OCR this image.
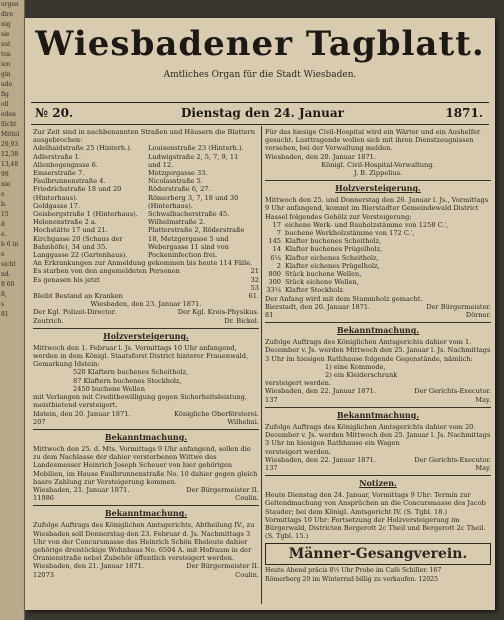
orgen
dire
nig
sie
ust
ton
ien
gin
ude
fig
oll
eden
llicht
Mittel
29,93
12,38
13,48
99
nie
e
b.
15
d
e.
b 6 in
e
sicht
nd.
8 60
8,
s
81
Wiesbadener Tagblatt.
Amtliches Organ für die Stadt Wiesbaden.
№ 20.	Dienstag den 24. Januar	1871.

Zur Zeit sind in nachbenannten Straßen und Häusern die Blattern ausgebrochen:

Adelhaidstraße 25 (Hinterh.).	Louisenstraße 23 (Hinterh.).
Adlerstraße 1.	Ludwigstraße 2, 5, 7, 9, 11
Allenbogengasse 6.	und 12.
Emserstraße 7.	Metzgergasse 33.
Faulbrunnenstraße 4.	Nicolasstraße 5.
Friedrichstraße 18 und 20	Röderstraße 6, 27.
(Hinterhaus).	Römerberg 3, 7, 18 und 30
Goldgasse 17.	(Hinterhaus).
Geisbergstraße 1 (Hinterhaus).	Schwalbacherstraße 45.
Helenenstraße 2 a.	Wilhelmstraße 2.
Hochstätte 17 und 21.	Platterstraße 2, Röderstraße
Kirchgasse 20 (Schaus der	18, Metzgergasse 5 und
Bahnhöfe), 34 und 35.	Webergasse 11 sind von
Langgasse 22 (Gartenhaus).	Pockeninfection frei.

An Erkrankungen zur Anmeldung gekommen bis heute 114 Fälle.

Es starben von den angemeldeten Personen	21
Es genasen bis jetzt	32
53
Bleibt Bestand an Kranken	61.

Wiesbaden, den 23. Januar 1871.

Der Kgl. Polizei-Director.	Der Kgl. Kreis-Physikus.
Zeutrich.	Dr. Bickel.
Holzversteigerung.

Mittwoch den 1. Februar l. Js. Vormittags 10 Uhr anfangend, werden in dem Königl. Staatsforst District hinterer Frauenwald, Gemarkung Idstein:

520 Klaftern buchenes Scheitholz,
87 Klaftern buchenes Stockholz,
2450 buchene Wellen

mit Verlangen mit Creditbewilligung gegen Sicherheitsleistung, meistbietend versteigert.

Idstein, den 20. Januar 1871.	Königliche Oberförsterei.
207	Wilhelmi.
Bekanntmachung.

Mittwoch den 25. d. Mts. Vormittags 9 Uhr anfangend, sollen die zu dem Nachlasse der dahier verstorbenen Wittwe des Landesmesser Heinrich Joseph Scheuer von hier gehörigen Mobilien, im Hause Faulbrunnenstraße No. 10 dahier gegen gleich baare Zahlung zur Versteigerung kommen.

Wiesbaden, 21. Januar 1871.	Der Bürgermeister II.
11986	Coulin.
Bekanntmachung.

Zufolge Auftrags des Königlichen Amtsgerichts, Abtheilung IV., zu Wiesbaden soll Donnerstag den 23. Februar d. Js. Nachmittags 3 Uhr von der Concursmasse des Heinrich Schön Eheleute dahier gehörige dreistöckige Wohnhaus No. 6504 A. mit Hofraum in der Oranienstraße nebst Zubehör öffentlich versteigert werden.

Wiesbaden, den 21. Januar 1871.	Der Bürgermeister II.
12073	Coulin.

Für das hiesige Civil-Hospital wird ein Wärter und ein Aushelfer gesucht. Lusttragende wollen sich mit ihren Dienstzeugnissen versehen, bei der Verwaltung melden.

Wiesbaden, den 20. Januar 1871.

Königl. Civil-Hospital-Verwaltung.

J. B. Zippelius.

Holzversteigerung.

Mittwoch den 25. und Donnerstag den 26. Januar l. Js., Vormittags 9 Uhr anfangend, kommt im Bierstadter Gemeindewald District Hassel folgendes Gehölz zur Versteigerung:

17 eichene Werk- und Bauholzstämme von 1258 C.′,
7 buchene Werkholzstämme von 172 C.′,
145 Klafter buchenes Scheitholz,
14 Klafter buchenes Prügelholz,
6¼ Klafter eichenes Scheitholz,
2 Klafter eichenes Prügelholz,
800 Stück buchene Wellen,
300 Stück eichene Wellen,
33¼ Klafter Stockholz.

Der Anfang wird mit dem Stammholz gemacht.

Bierstadt, den 20. Januar 1871.	Der Bürgermeister.
81	Dörner.
Bekanntmachung.

Zufolge Auftrags des Königlichen Amtsgerichts dahier vom 1. December v. Js. werden Mittwoch den 25. Januar l. Js. Nachmittags 3 Uhr im hiesigen Rathhause folgende Gegenstände, nämlich:

1) eine Kommode,
2) ein Kleiderschrank

versteigert werden.

Wiesbaden, den 22. Januar 1871.	Der Gerichts-Executor.
137	May.
Bekanntmachung.

Zufolge Auftrags des Königlichen Amtsgerichts dahier vom 20. December v. Js. werden Mittwoch den 25. Januar l. Js. Nachmittags 3 Uhr im hiesigen Rathhause ein Wagen

versteigert werden.

Wiesbaden, den 22. Januar 1871.	Der Gerichts-Executor.
137	May.
Notizen.

Heute Dienstag den 24. Januar, Vormittags 9 Uhr: Termin zur Geltendmachung von Ansprüchen an die Concursmasse des Jacob Stauder; bei dem Königl. Amtsgericht IV. (S. Tgbl. 18.)

Vormittags 10 Uhr: Fortsetzung der Holzversteigerung im Bürgerwald, Districten Bergerott 2c Theil und Bergerott 2c Theil. (S. Tgbl. 15.)

Männer-Gesangverein.

Heute Abend präcis 8½ Uhr Probe im Café Schiller. 167

Römerberg 20 im Winterrad billig zu verkaufen. 12025
